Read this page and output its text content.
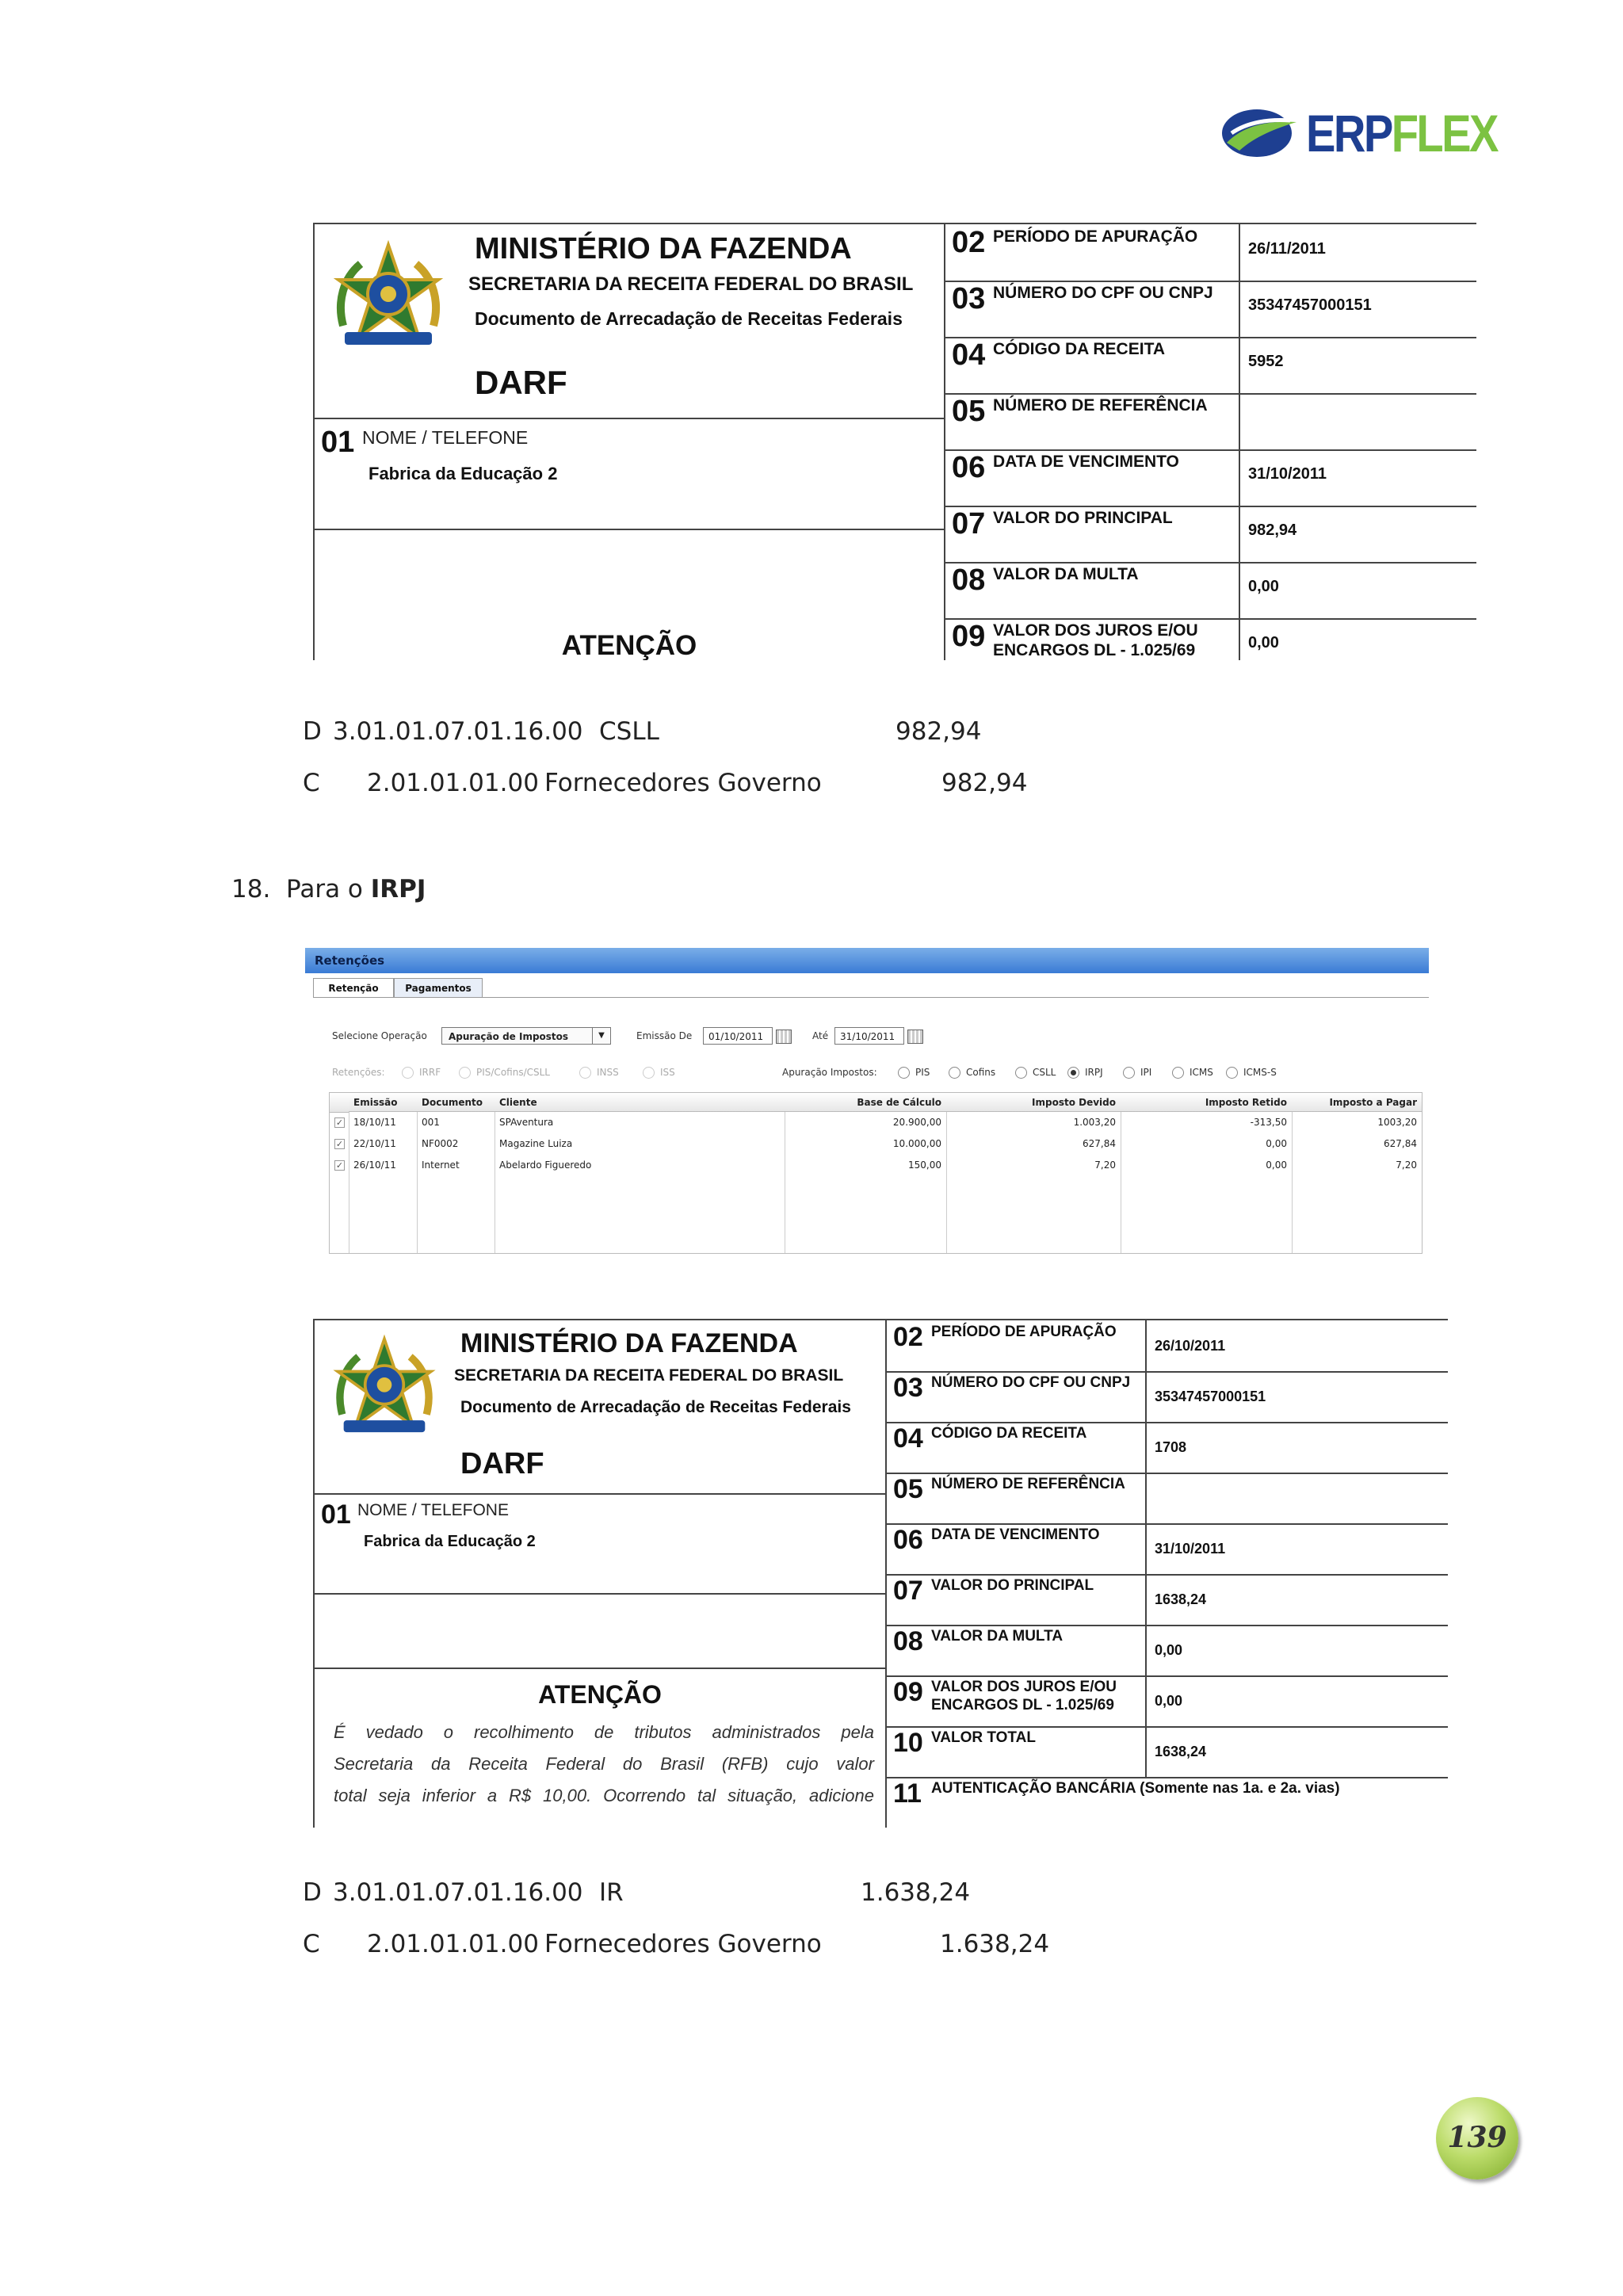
ERPFLEX
MINISTÉRIO DA FAZENDA
SECRETARIA DA RECEITA FEDERAL DO BRASIL
Documento de Arrecadação de Receitas Federais
DARF
01 NOME / TELEFONE
Fabrica da Educação 2
ATENÇÃO
02 PERÍODO DE APURAÇÃO
26/11/2011
03 NÚMERO DO CPF OU CNPJ
35347457000151
04 CÓDIGO DA RECEITA
5952
05 NÚMERO DE REFERÊNCIA
06 DATA DE VENCIMENTO
31/10/2011
07 VALOR DO PRINCIPAL
982,94
08 VALOR DA MULTA
0,00
09 VALOR DOS JUROS E/OU
ENCARGOS DL - 1.025/69	0,00
D 3.01.01.07.01.16.00 CSLL	982,94
C 2.01.01.01.00 Fornecedores Governo	982,94
18. Para o IRPJ
Retenções
Retenção	Pagamentos
Selecione Operação	Apuração de Impostos	▼	Emissão De	01/10/2011	Até	31/10/2011
Retenções:	IRRF	PIS/Cofins/CSLL	INSS	ISS	Apuração Impostos:	PIS	Cofins	CSLL	IRPJ	IPI	ICMS	ICMS-S
Emissão	Documento	Cliente	Base de Cálculo	Imposto Devido	Imposto Retido	Imposto a Pagar
✓	18/10/11	001	SPAventura	20.900,00	1.003,20	-313,50	1003,20
✓	22/10/11	NF0002	Magazine Luiza	10.000,00	627,84	0,00	627,84
✓	26/10/11	Internet	Abelardo Figueredo	150,00	7,20	0,00	7,20
MINISTÉRIO DA FAZENDA
SECRETARIA DA RECEITA FEDERAL DO BRASIL
Documento de Arrecadação de Receitas Federais
DARF
01 NOME / TELEFONE
Fabrica da Educação 2
ATENÇÃO
É vedado o recolhimento de tributos administrados pela
Secretaria da Receita Federal do Brasil (RFB) cujo valor
total seja inferior a R$ 10,00. Ocorrendo tal situação, adicione
02 PERÍODO DE APURAÇÃO
26/10/2011
03 NÚMERO DO CPF OU CNPJ
35347457000151
04 CÓDIGO DA RECEITA
1708
05 NÚMERO DE REFERÊNCIA
06 DATA DE VENCIMENTO
31/10/2011
07 VALOR DO PRINCIPAL
1638,24
08 VALOR DA MULTA
0,00
09 VALOR DOS JUROS E/OU
ENCARGOS DL - 1.025/69	0,00
10 VALOR TOTAL
1638,24
11 AUTENTICAÇÃO BANCÁRIA (Somente nas 1a. e 2a. vias)
D 3.01.01.07.01.16.00 IR	1.638,24
C 2.01.01.01.00 Fornecedores Governo	1.638,24
139
